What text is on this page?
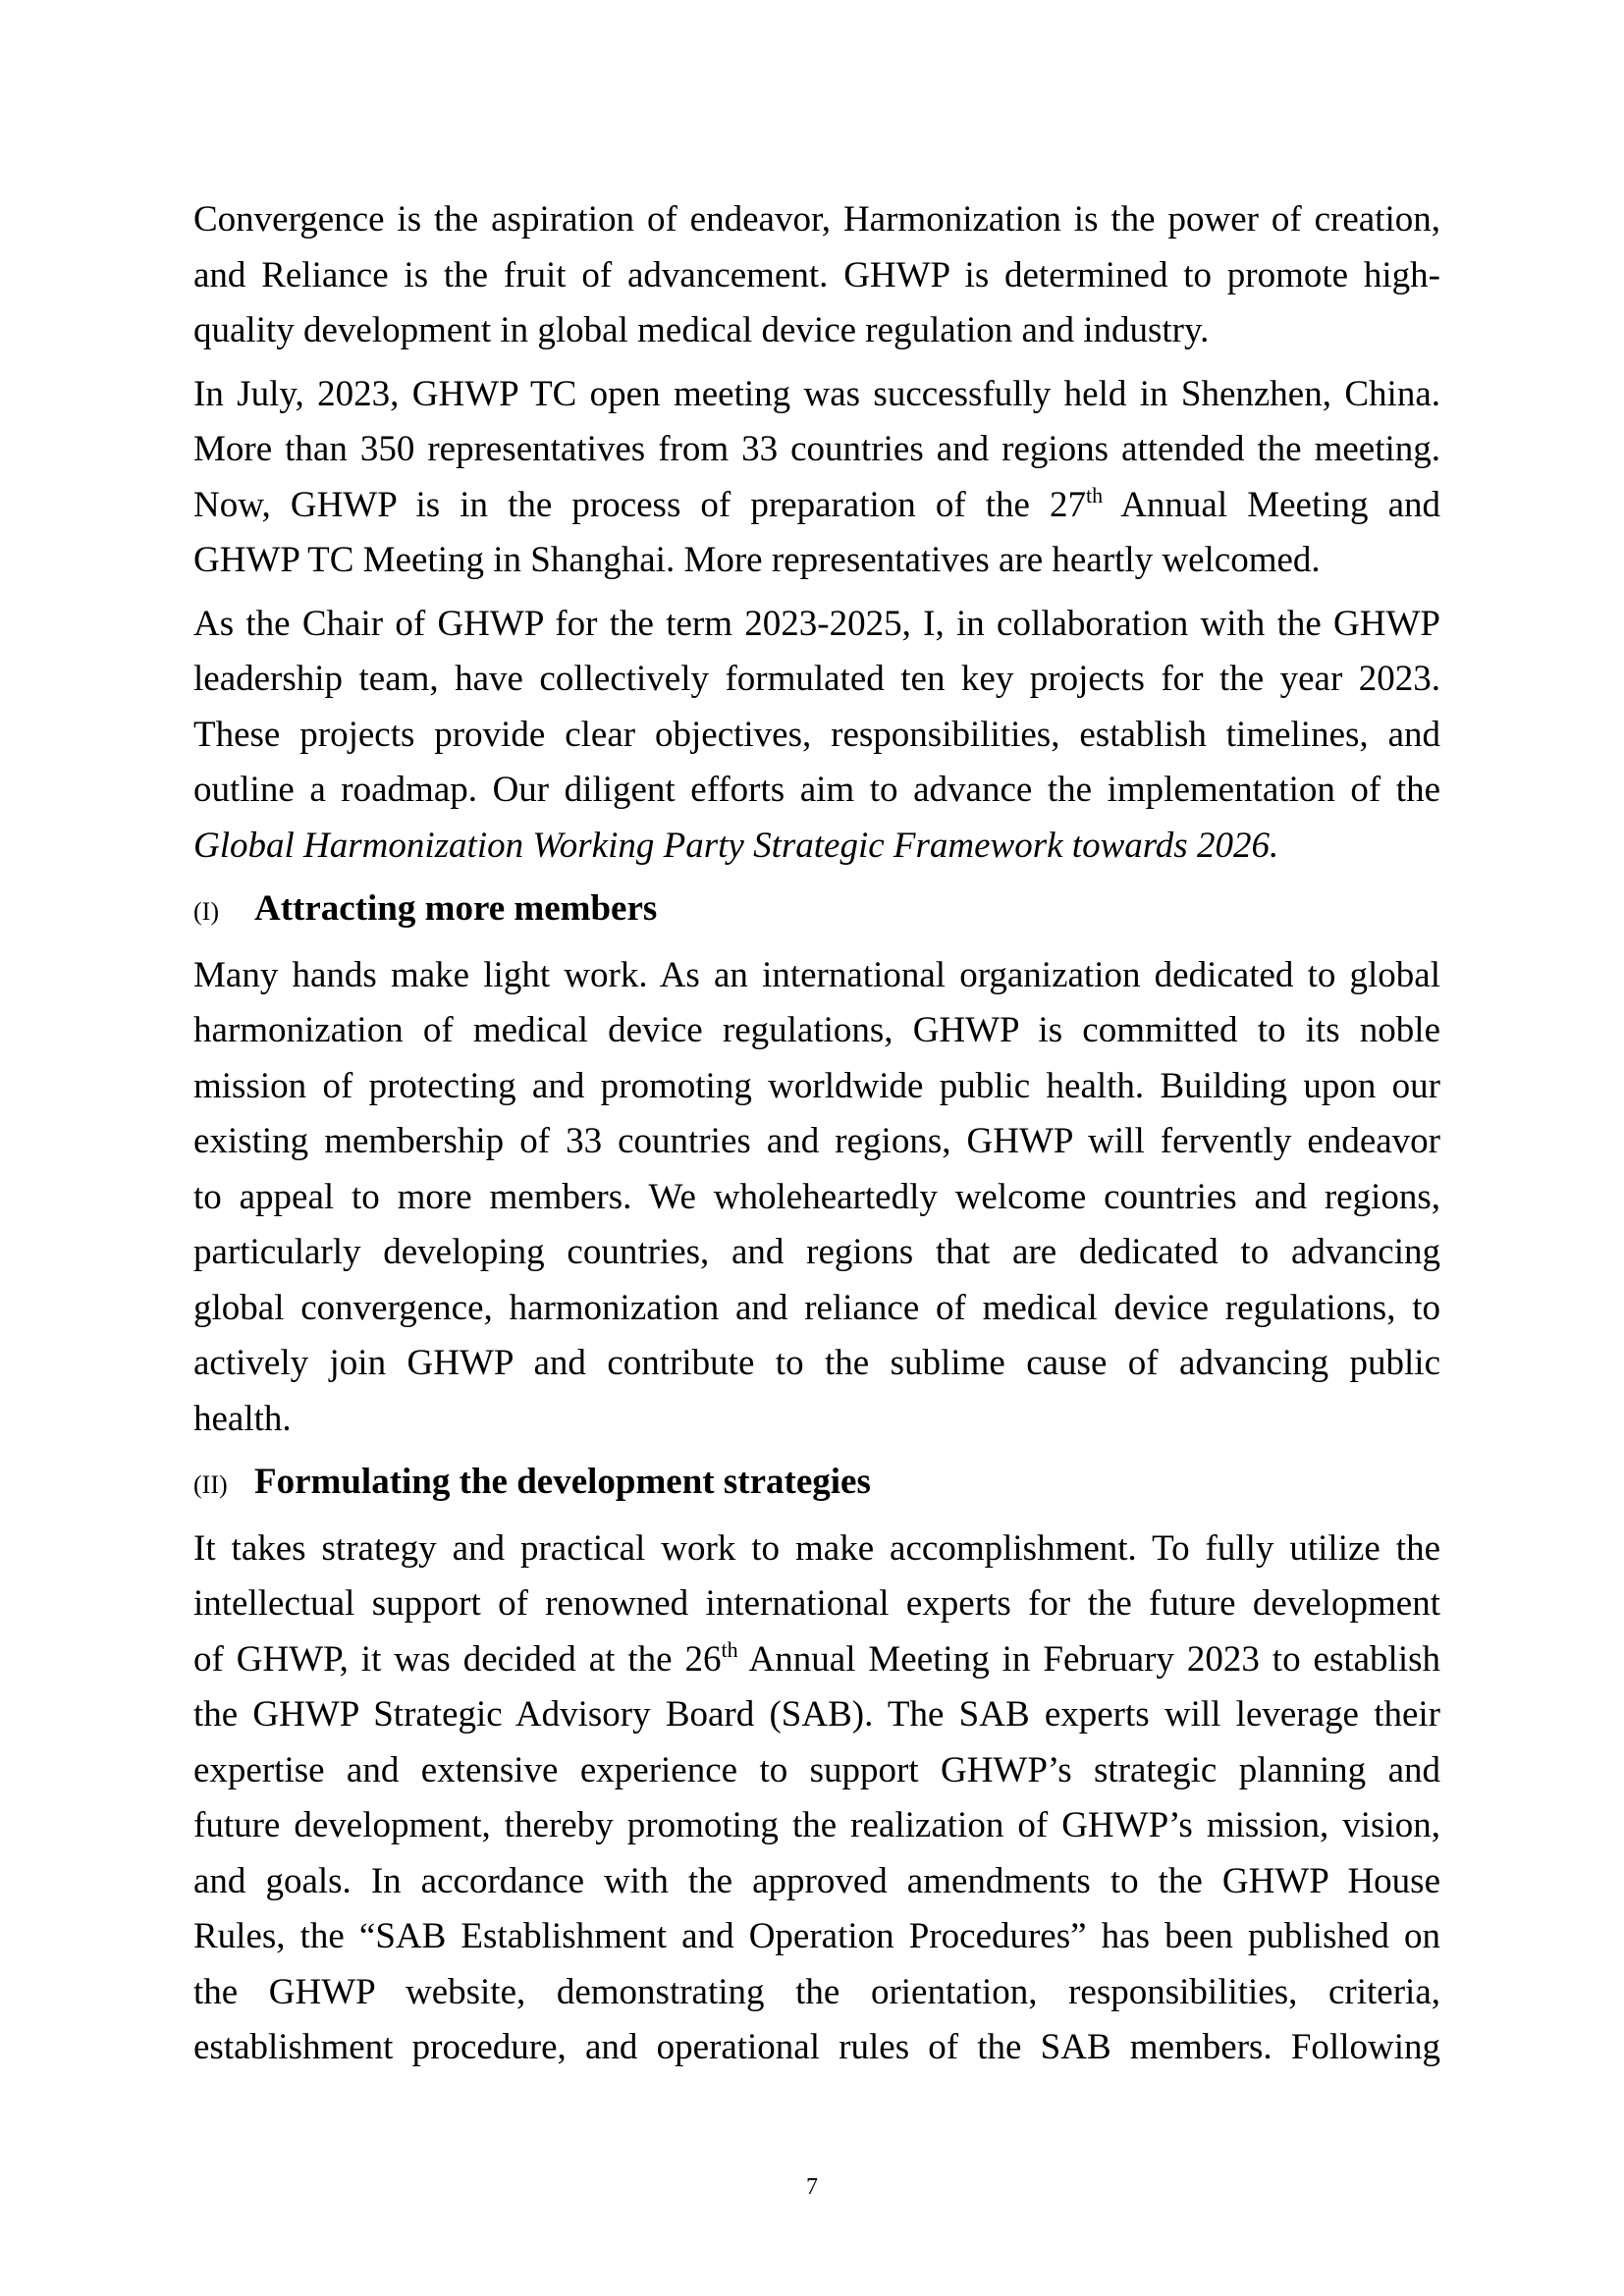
Convergence is the aspiration of endeavor, Harmonization is the power of creation,
and Reliance is the fruit of advancement. GHWP is determined to promote high-
quality development in global medical device regulation and industry.

In July, 2023, GHWP TC open meeting was successfully held in Shenzhen, China.
More than 350 representatives from 33 countries and regions attended the meeting.
Now, GHWP is in the process of preparation of the 27th Annual Meeting and
GHWP TC Meeting in Shanghai. More representatives are heartly welcomed.

As the Chair of GHWP for the term 2023-2025, I, in collaboration with the GHWP
leadership team, have collectively formulated ten key projects for the year 2023.
These projects provide clear objectives, responsibilities, establish timelines, and
outline a roadmap. Our diligent efforts aim to advance the implementation of the
Global Harmonization Working Party Strategic Framework towards 2026.

(I) Attracting more members

Many hands make light work. As an international organization dedicated to global
harmonization of medical device regulations, GHWP is committed to its noble
mission of protecting and promoting worldwide public health. Building upon our
existing membership of 33 countries and regions, GHWP will fervently endeavor
to appeal to more members. We wholeheartedly welcome countries and regions,
particularly developing countries, and regions that are dedicated to advancing
global convergence, harmonization and reliance of medical device regulations, to
actively join GHWP and contribute to the sublime cause of advancing public
health.

(II) Formulating the development strategies

It takes strategy and practical work to make accomplishment. To fully utilize the
intellectual support of renowned international experts for the future development
of GHWP, it was decided at the 26th Annual Meeting in February 2023 to establish
the GHWP Strategic Advisory Board (SAB). The SAB experts will leverage their
expertise and extensive experience to support GHWP’s strategic planning and
future development, thereby promoting the realization of GHWP’s mission, vision,
and goals. In accordance with the approved amendments to the GHWP House
Rules, the “SAB Establishment and Operation Procedures” has been published on
the GHWP website, demonstrating the orientation, responsibilities, criteria,
establishment procedure, and operational rules of the SAB members. Following

7
